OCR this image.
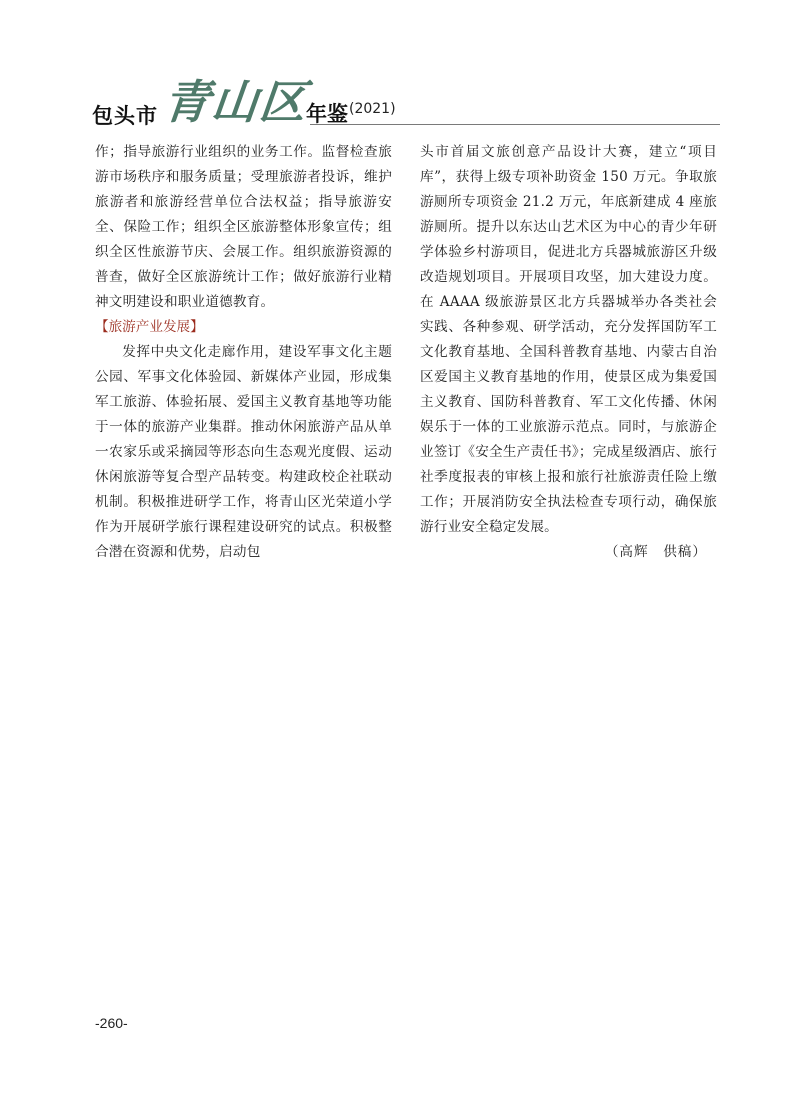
包头市 青山区
年鉴 (2021)

作；指导旅游行业组织的业务工作。监督检查旅游市场秩序和服务质量；受理旅游者投诉，维护旅游者和旅游经营单位合法权益；指导旅游安全、保险工作；组织全区旅游整体形象宣传；组织全区性旅游节庆、会展工作。组织旅游资源的普查，做好全区旅游统计工作；做好旅游行业精神文明建设和职业道德教育。

【旅游产业发展】

发挥中央文化走廊作用，建设军事文化主题公园、军事文化体验园、新媒体产业园，形成集军工旅游、体验拓展、爱国主义教育基地等功能于一体的旅游产业集群。推动休闲旅游产品从单一农家乐或采摘园等形态向生态观光度假、运动休闲旅游等复合型产品转变。构建政校企社联动机制。积极推进研学工作，将青山区光荣道小学作为开展研学旅行课程建设研究的试点。积极整合潜在资源和优势，启动包

头市首届文旅创意产品设计大赛，建立“项目库”，获得上级专项补助资金 150 万元。争取旅游厕所专项资金 21.2 万元，年底新建成 4 座旅游厕所。提升以东达山艺术区为中心的青少年研学体验乡村游项目，促进北方兵器城旅游区升级改造规划项目。开展项目攻坚，加大建设力度。在 AAAA 级旅游景区北方兵器城举办各类社会实践、各种参观、研学活动，充分发挥国防军工文化教育基地、全国科普教育基地、内蒙古自治区爱国主义教育基地的作用，使景区成为集爱国主义教育、国防科普教育、军工文化传播、休闲娱乐于一体的工业旅游示范点。同时，与旅游企业签订《安全生产责任书》；完成星级酒店、旅行社季度报表的审核上报和旅行社旅游责任险上缴工作；开展消防安全执法检查专项行动，确保旅游行业安全稳定发展。

（高辉　供稿）
-260-
